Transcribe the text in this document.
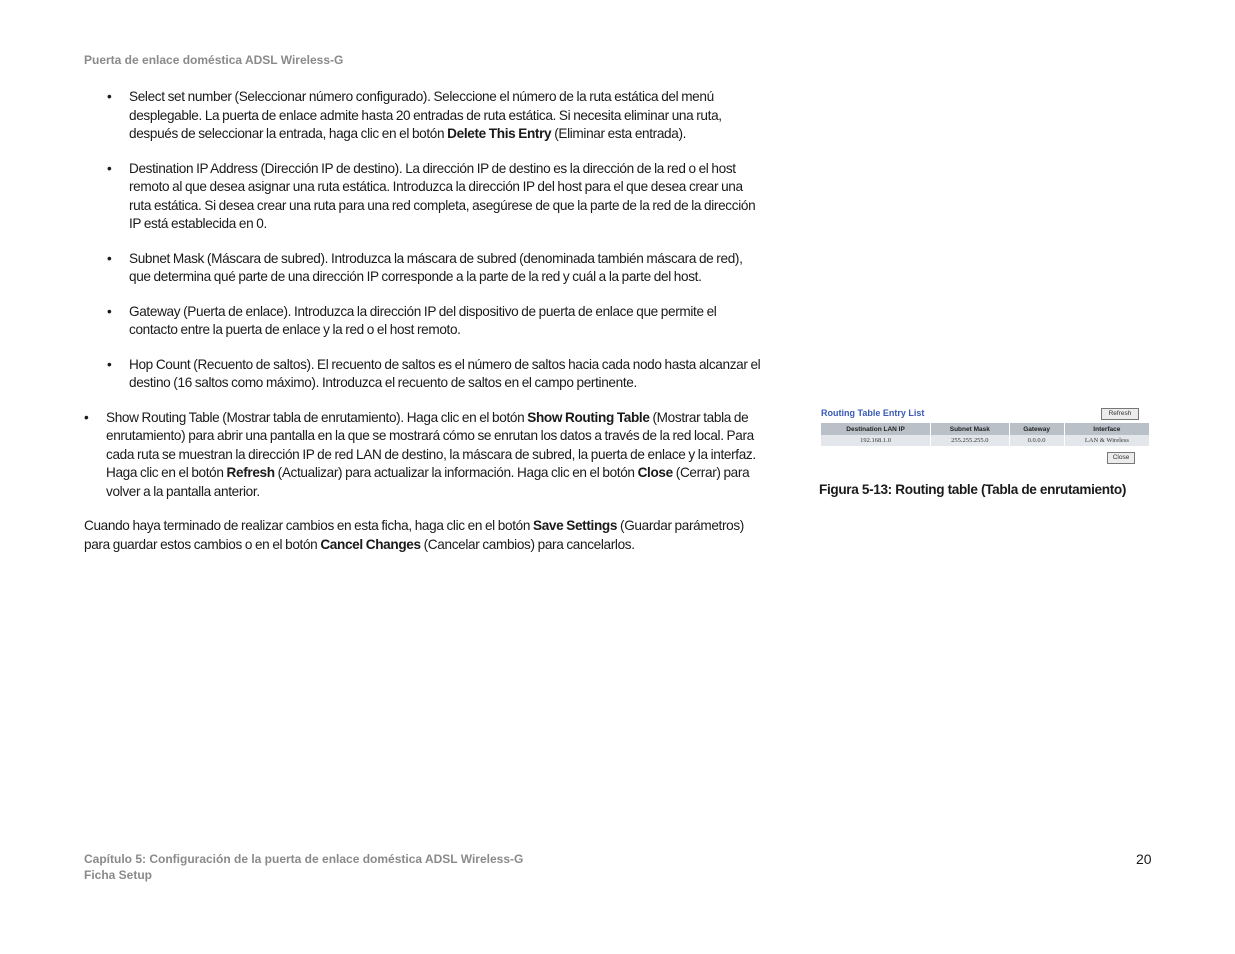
Puerta de enlace doméstica ADSL Wireless-G
• Select set number (Seleccionar número configurado). Seleccione el número de la ruta estática del menú desplegable. La puerta de enlace admite hasta 20 entradas de ruta estática. Si necesita eliminar una ruta, después de seleccionar la entrada, haga clic en el botón Delete This Entry (Eliminar esta entrada).

• Destination IP Address (Dirección IP de destino). La dirección IP de destino es la dirección de la red o el host remoto al que desea asignar una ruta estática. Introduzca la dirección IP del host para el que desea crear una ruta estática. Si desea crear una ruta para una red completa, asegúrese de que la parte de la red de la dirección IP está establecida en 0.

• Subnet Mask (Máscara de subred). Introduzca la máscara de subred (denominada también máscara de red), que determina qué parte de una dirección IP corresponde a la parte de la red y cuál a la parte del host.

• Gateway (Puerta de enlace). Introduzca la dirección IP del dispositivo de puerta de enlace que permite el contacto entre la puerta de enlace y la red o el host remoto.

• Hop Count (Recuento de saltos). El recuento de saltos es el número de saltos hacia cada nodo hasta alcanzar el destino (16 saltos como máximo). Introduzca el recuento de saltos en el campo pertinente.

• Show Routing Table (Mostrar tabla de enrutamiento). Haga clic en el botón Show Routing Table (Mostrar tabla de enrutamiento) para abrir una pantalla en la que se mostrará cómo se enrutan los datos a través de la red local. Para cada ruta se muestran la dirección IP de red LAN de destino, la máscara de subred, la puerta de enlace y la interfaz. Haga clic en el botón Refresh (Actualizar) para actualizar la información. Haga clic en el botón Close (Cerrar) para volver a la pantalla anterior.

Cuando haya terminado de realizar cambios en esta ficha, haga clic en el botón Save Settings (Guardar parámetros) para guardar estos cambios o en el botón Cancel Changes (Cancelar cambios) para cancelarlos.

Routing Table Entry List	Refresh
Destination LAN IP	Subnet Mask	Gateway	Interface
192.168.1.0	255.255.255.0	0.0.0.0	LAN & Wireless
Close
Figura 5-13: Routing table (Tabla de enrutamiento)
Capítulo 5: Configuración de la puerta de enlace doméstica ADSL Wireless-G
Ficha Setup
20
